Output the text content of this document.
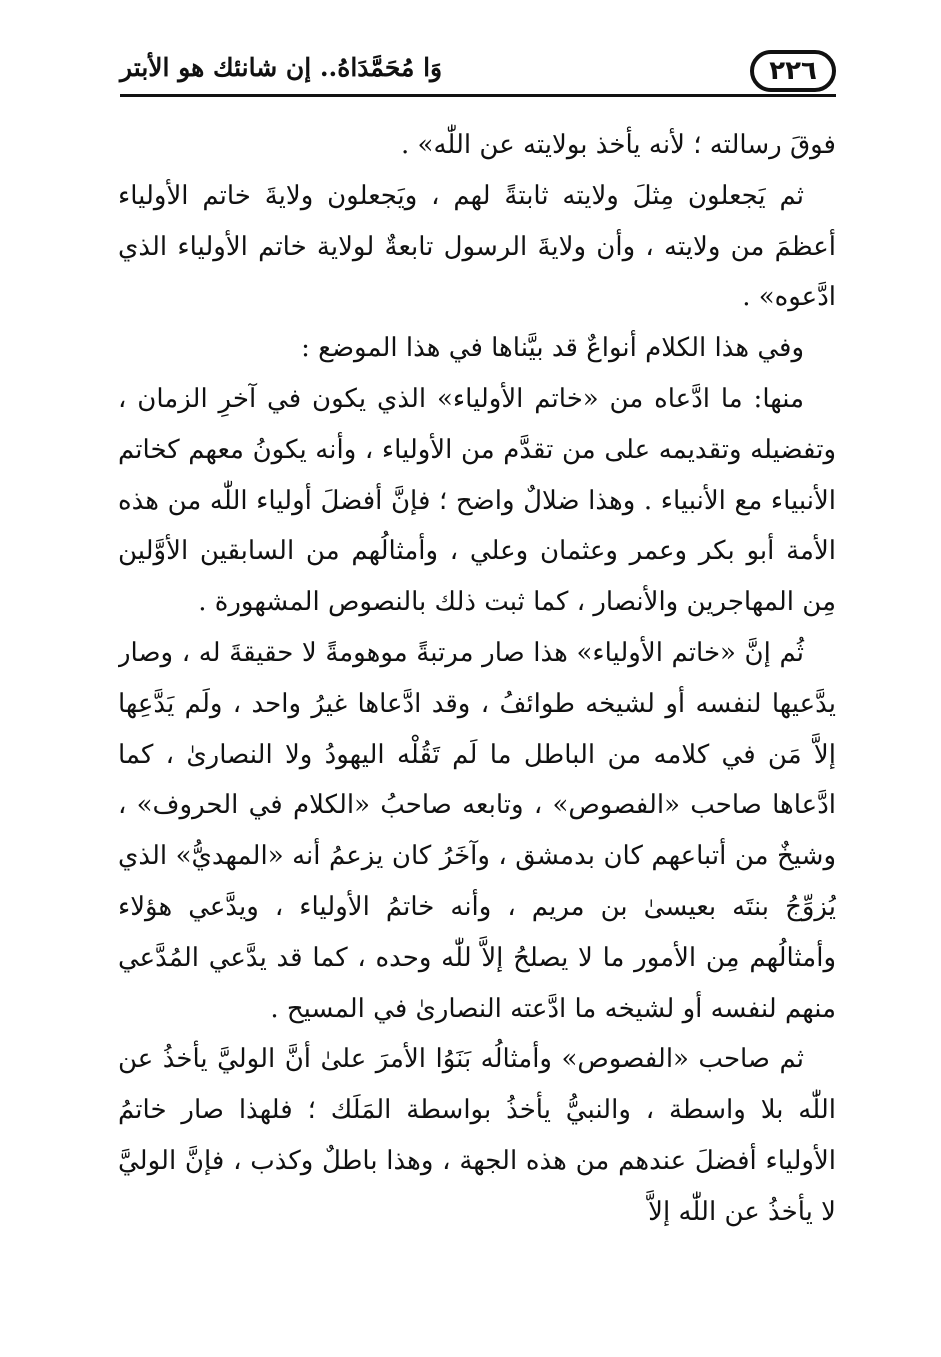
٢٢٦
وَا مُحَمَّدَاهُ.. إن شانئك هو الأبتر

فوقَ رسالته ؛ لأنه يأخذ بولايته عن اللّٰه» .

ثم يَجعلون مِثلَ ولايته ثابتةً لهم ، ويَجعلون ولايةَ خاتم الأولياء أعظمَ من ولايته ، وأن ولايةَ الرسول تابعةٌ لولاية خاتم الأولياء الذي ادَّعوه» .

وفي هذا الكلام أنواعٌ قد بيَّناها في هذا الموضع :

منها: ما ادَّعاه من «خاتم الأولياء» الذي يكون في آخرِ الزمان ، وتفضيله وتقديمه على من تقدَّم من الأولياء ، وأنه يكونُ معهم كخاتم الأنبياء مع الأنبياء . وهذا ضلالٌ واضح ؛ فإنَّ أفضلَ أولياء اللّٰه من هذه الأمة أبو بكر وعمر وعثمان وعلي ، وأمثالُهم من السابقين الأوَّلين مِن المهاجرين والأنصار ، كما ثبت ذلك بالنصوص المشهورة .

ثُم إنَّ «خاتم الأولياء» هذا صار مرتبةً موهومةً لا حقيقةَ له ، وصار يدَّعيها لنفسه أو لشيخه طوائفُ ، وقد ادَّعاها غيرُ واحد ، ولَم يَدَّعِها إلاَّ مَن في كلامه من الباطل ما لَم تَقُلْه اليهودُ ولا النصارىٰ ، كما ادَّعاها صاحب «الفصوص» ، وتابعه صاحبُ «الكلام في الحروف» ، وشيخٌ من أتباعهم كان بدمشق ، وآخَرُ كان يزعمُ أنه «المهديُّ» الذي يُزوِّجُ بنتَه بعيسىٰ بن مريم ، وأنه خاتمُ الأولياء ، ويدَّعي هؤلاء وأمثالُهم مِن الأمور ما لا يصلحُ إلاَّ للّٰه وحده ، كما قد يدَّعي المُدَّعي منهم لنفسه أو لشيخه ما ادَّعته النصارىٰ في المسيح .

ثم صاحب «الفصوص» وأمثالُه بَنَوُا الأمرَ علىٰ أنَّ الوليَّ يأخذُ عن اللّٰه بلا واسطة ، والنبيُّ يأخذُ بواسطة المَلَك ؛ فلهذا صار خاتمُ الأولياء أفضلَ عندهم من هذه الجهة ، وهذا باطلٌ وكذب ، فإنَّ الوليَّ لا يأخذُ عن اللّٰه إلاَّ
